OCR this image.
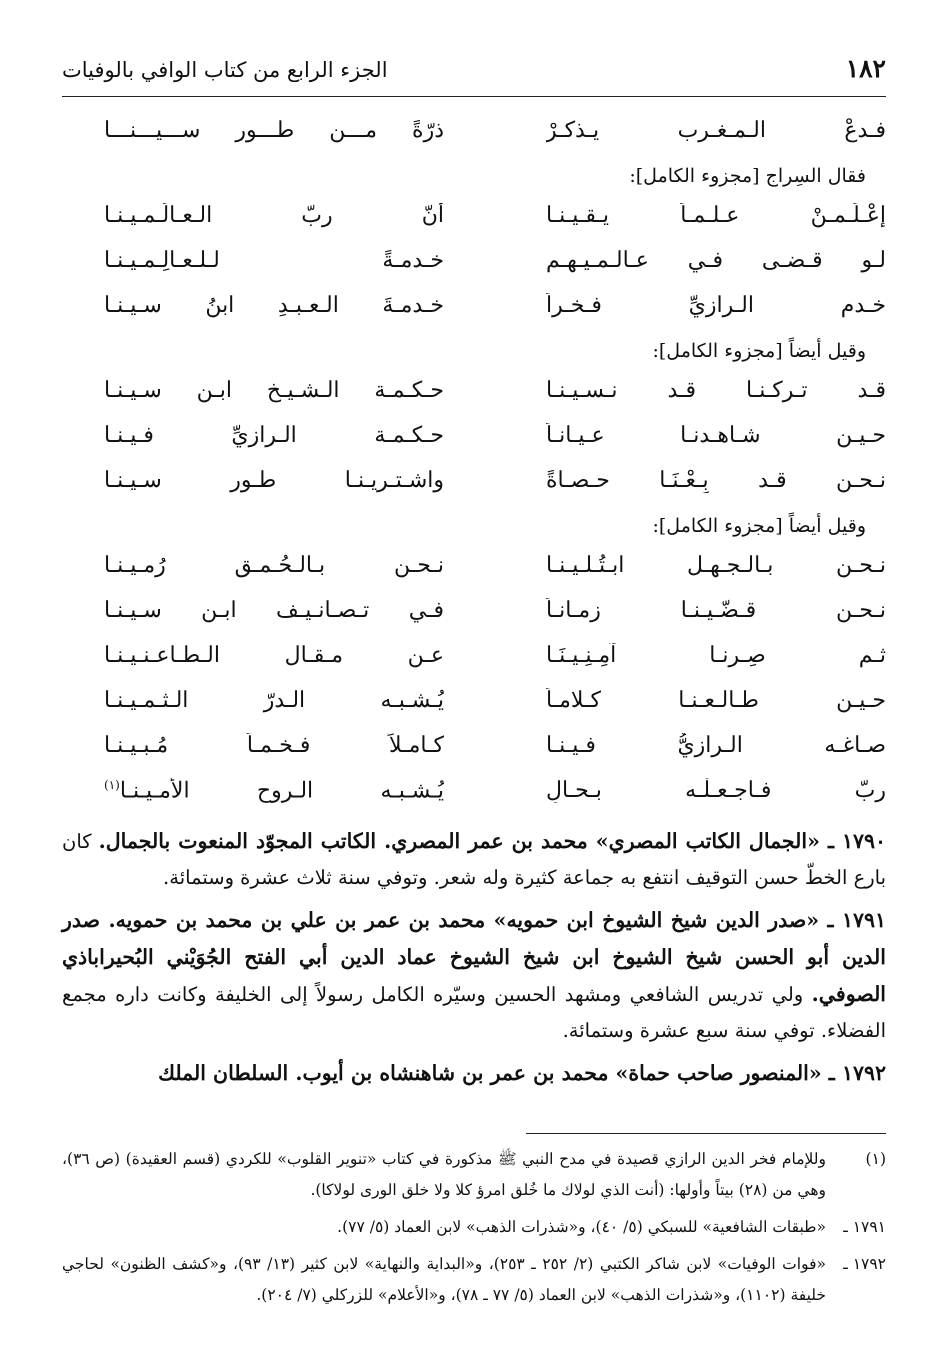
١٨٢
الجزء الرابع من كتاب الوافي بالوفيات
فـدعْ الـمـغـرب يـذكـرْ
ذرّةً مـــن طـــور ســـيـــنـــا
فقال السِراج [مجزوء الكامل]:
إِعْـلَـمـنْ عـلـمـاً يـقـيـنـا
أنّ ربّ الـعـالَـمـيـنـا
لـو قـضـى فـي عـالـمـيـهـم
خـدمـةً لـلـعـالِـمـيـنـا
خـدم الـرازيِّ فـخـراً
خـدمـةَ الـعـبـدِ ابنُ سـيـنـا
وقيل أيضاً [مجزوء الكامل]:
قـد تـركـنـا قـد نـسـيـنـا
حـكـمـة الـشـيـخ ابـن سـيـنـا
حـيـن شـاهـدنـا عـيـانـاً
حـكـمـة الـرازيِّ فـيـنـا
نـحـن قـد بِـعْـنَـا حـصـاةً
واشـتـريـنـا طـور سـيـنـا
وقيل أيضاً [مجزوء الكامل]:
نـحـن بـالـجـهـل ابـتُـلـيـنـا
نـحـن بـالـحُـمـق رُمـيـنـا
نـحـن قـضّـيـنـا زمـانـاً
فـي تـصـانـيـف ابـن سـيـنـا
ثـم صِـرنـا آمِـنِـيـنَـا
عـن مـقـال الـطـاعـنـيـنـا
حـيـن طـالـعـنـا كـلامـاً
يُـشـبـه الـدرّ الـثـمـيـنـا
صـاغـه الـرازيُّ فـيـنـا
كـامـلاً فـخـمـاً مُـبـيـنـا
ربّ فـاجـعـلْـه بـحـالٍ
يُـشـبـه الـروح الأمـيـنـا$^{(١)}$
١٧٩٠ ـ «الجمال الكاتب المصري» محمد بن عمر المصري. الكاتب المجوّد المنعوت بالجمال. كان بارع الخطّ حسن التوقيف انتفع به جماعة كثيرة وله شعر. وتوفي سنة ثلاث عشرة وستمائة.
١٧٩١ ـ «صدر الدين شيخ الشيوخ ابن حمويه» محمد بن عمر بن علي بن محمد بن حمويه. صدر الدين أبو الحسن شيخ الشيوخ ابن شيخ الشيوخ عماد الدين أبي الفتح الجُوَيْني البُحيراباذي الصوفي. ولي تدريس الشافعي ومشهد الحسين وسيّره الكامل رسولاً إلى الخليفة وكانت داره مجمع الفضلاء. توفي سنة سبع عشرة وستمائة.
١٧٩٢ ـ «المنصور صاحب حماة» محمد بن عمر بن شاهنشاه بن أيوب. السلطان الملك
(١)
وللإمام فخر الدين الرازي قصيدة في مدح النبي ﷺ مذكورة في كتاب «تنوير القلوب» للكردي (قسم العقيدة) (ص ٣٦)، وهي من (٢٨) بيتاً وأولها: (أنت الذي لولاك ما خُلق امرؤ كلا ولا خلق الورى لولاكا).
١٧٩١ ـ
«طبقات الشافعية» للسبكي (٥/ ٤٠)، و«شذرات الذهب» لابن العماد (٥/ ٧٧).
١٧٩٢ ـ
«فوات الوفيات» لابن شاكر الكتبي (٢/ ٢٥٢ ـ ٢٥٣)، و«البداية والنهاية» لابن كثير (١٣/ ٩٣)، و«كشف الظنون» لحاجي خليفة (١١٠٢)، و«شذرات الذهب» لابن العماد (٥/ ٧٧ ـ ٧٨)، و«الأعلام» للزركلي (٧/ ٢٠٤).
